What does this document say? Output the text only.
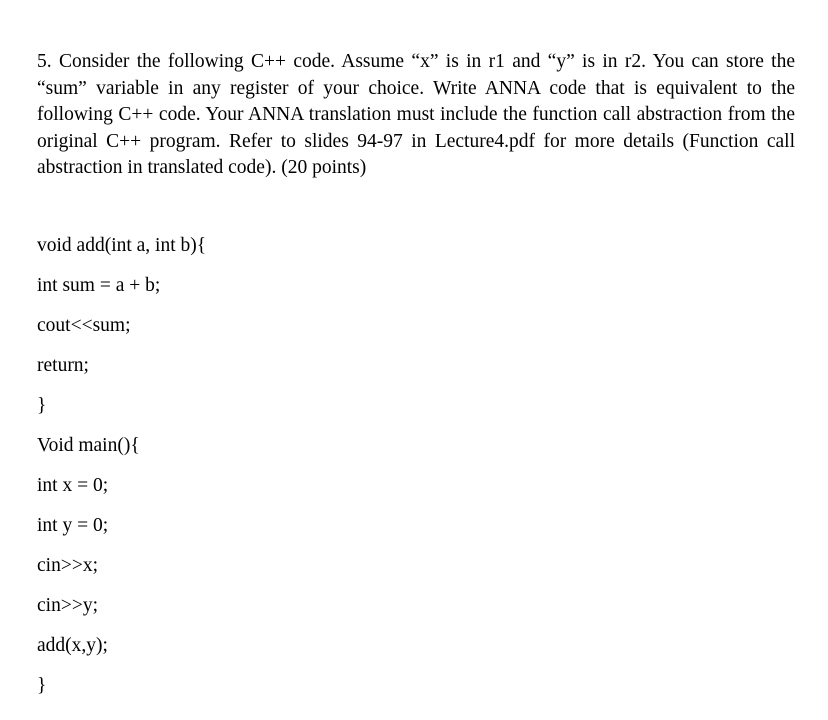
5. Consider the following C++ code. Assume “x” is in r1 and “y” is in r2. You can store the “sum” variable in any register of your choice. Write ANNA code that is equivalent to the following C++ code. Your ANNA translation must include the function call abstraction from the original C++ program. Refer to slides 94-97 in Lecture4.pdf for more details (Function call abstraction in translated code). (20 points)

void add(int a, int b){
int sum = a + b;
cout<<sum;
return;
}
Void main(){
int x = 0;
int y = 0;
cin>>x;
cin>>y;
add(x,y);
}
